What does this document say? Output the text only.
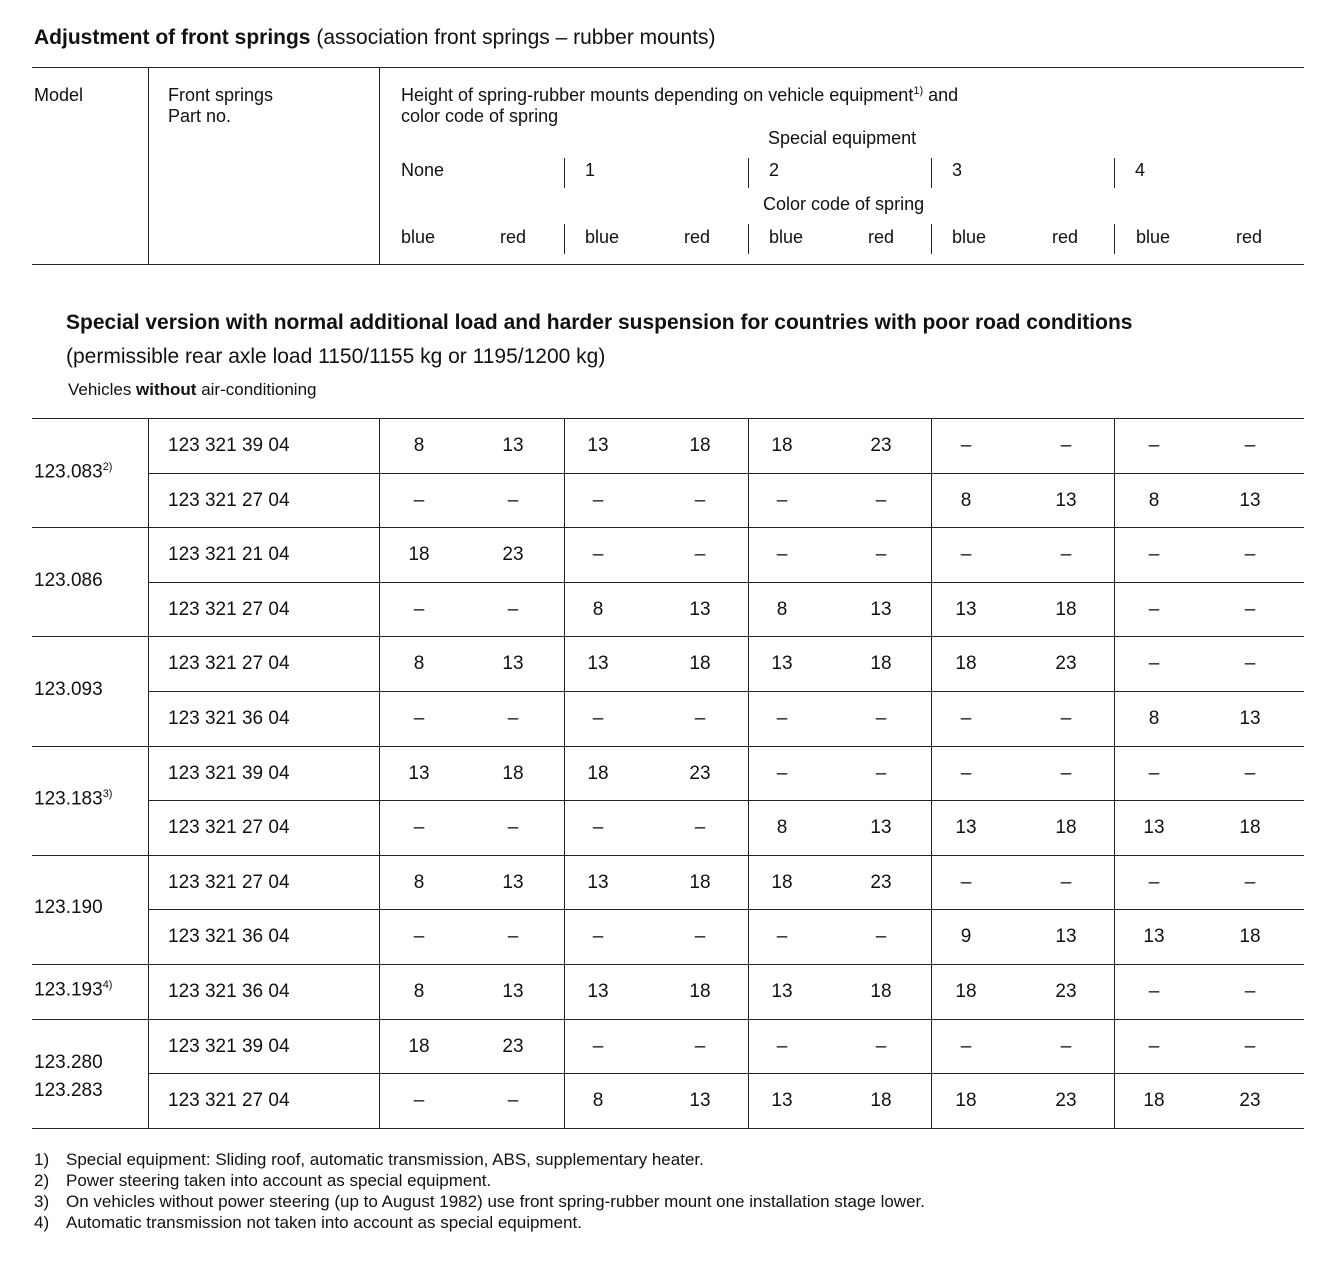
Adjustment of front springs (association front springs – rubber mounts)
Model	Front springs
Part no.
Height of spring-rubber mounts depending on vehicle equipment$^{1)}$ and
color code of spring
Special equipment
None	1	2	3	4
Color code of spring
blue	red	blue	red	blue	red	blue	red	blue	red
Special version with normal additional load and harder suspension for countries with poor road conditions
(permissible rear axle load 1150/1155 kg or 1195/1200 kg)
Vehicles without air-conditioning
123.083$^{2)}$
123 321 39 04	8	13	13	18	18	23	–	–	–	–
123 321 27 04	–	–	–	–	–	–	8	13	8	13
123.086
123 321 21 04	18	23	–	–	–	–	–	–	–	–
123 321 27 04	–	–	8	13	8	13	13	18	–	–
123.093
123 321 27 04	8	13	13	18	13	18	18	23	–	–
123 321 36 04	–	–	–	–	–	–	–	–	8	13
123.183$^{3)}$
123 321 39 04	13	18	18	23	–	–	–	–	–	–
123 321 27 04	–	–	–	–	8	13	13	18	13	18
123.190
123 321 27 04	8	13	13	18	18	23	–	–	–	–
123 321 36 04	–	–	–	–	–	–	9	13	13	18
123.193$^{4)}$	123 321 36 04	8	13	13	18	13	18	18	23	–	–
123.280
123.283
123 321 39 04	18	23	–	–	–	–	–	–	–	–
123 321 27 04	–	–	8	13	13	18	18	23	18	23
1) Special equipment: Sliding roof, automatic transmission, ABS, supplementary heater.
2) Power steering taken into account as special equipment.
3) On vehicles without power steering (up to August 1982) use front spring-rubber mount one installation stage lower.
4) Automatic transmission not taken into account as special equipment.
